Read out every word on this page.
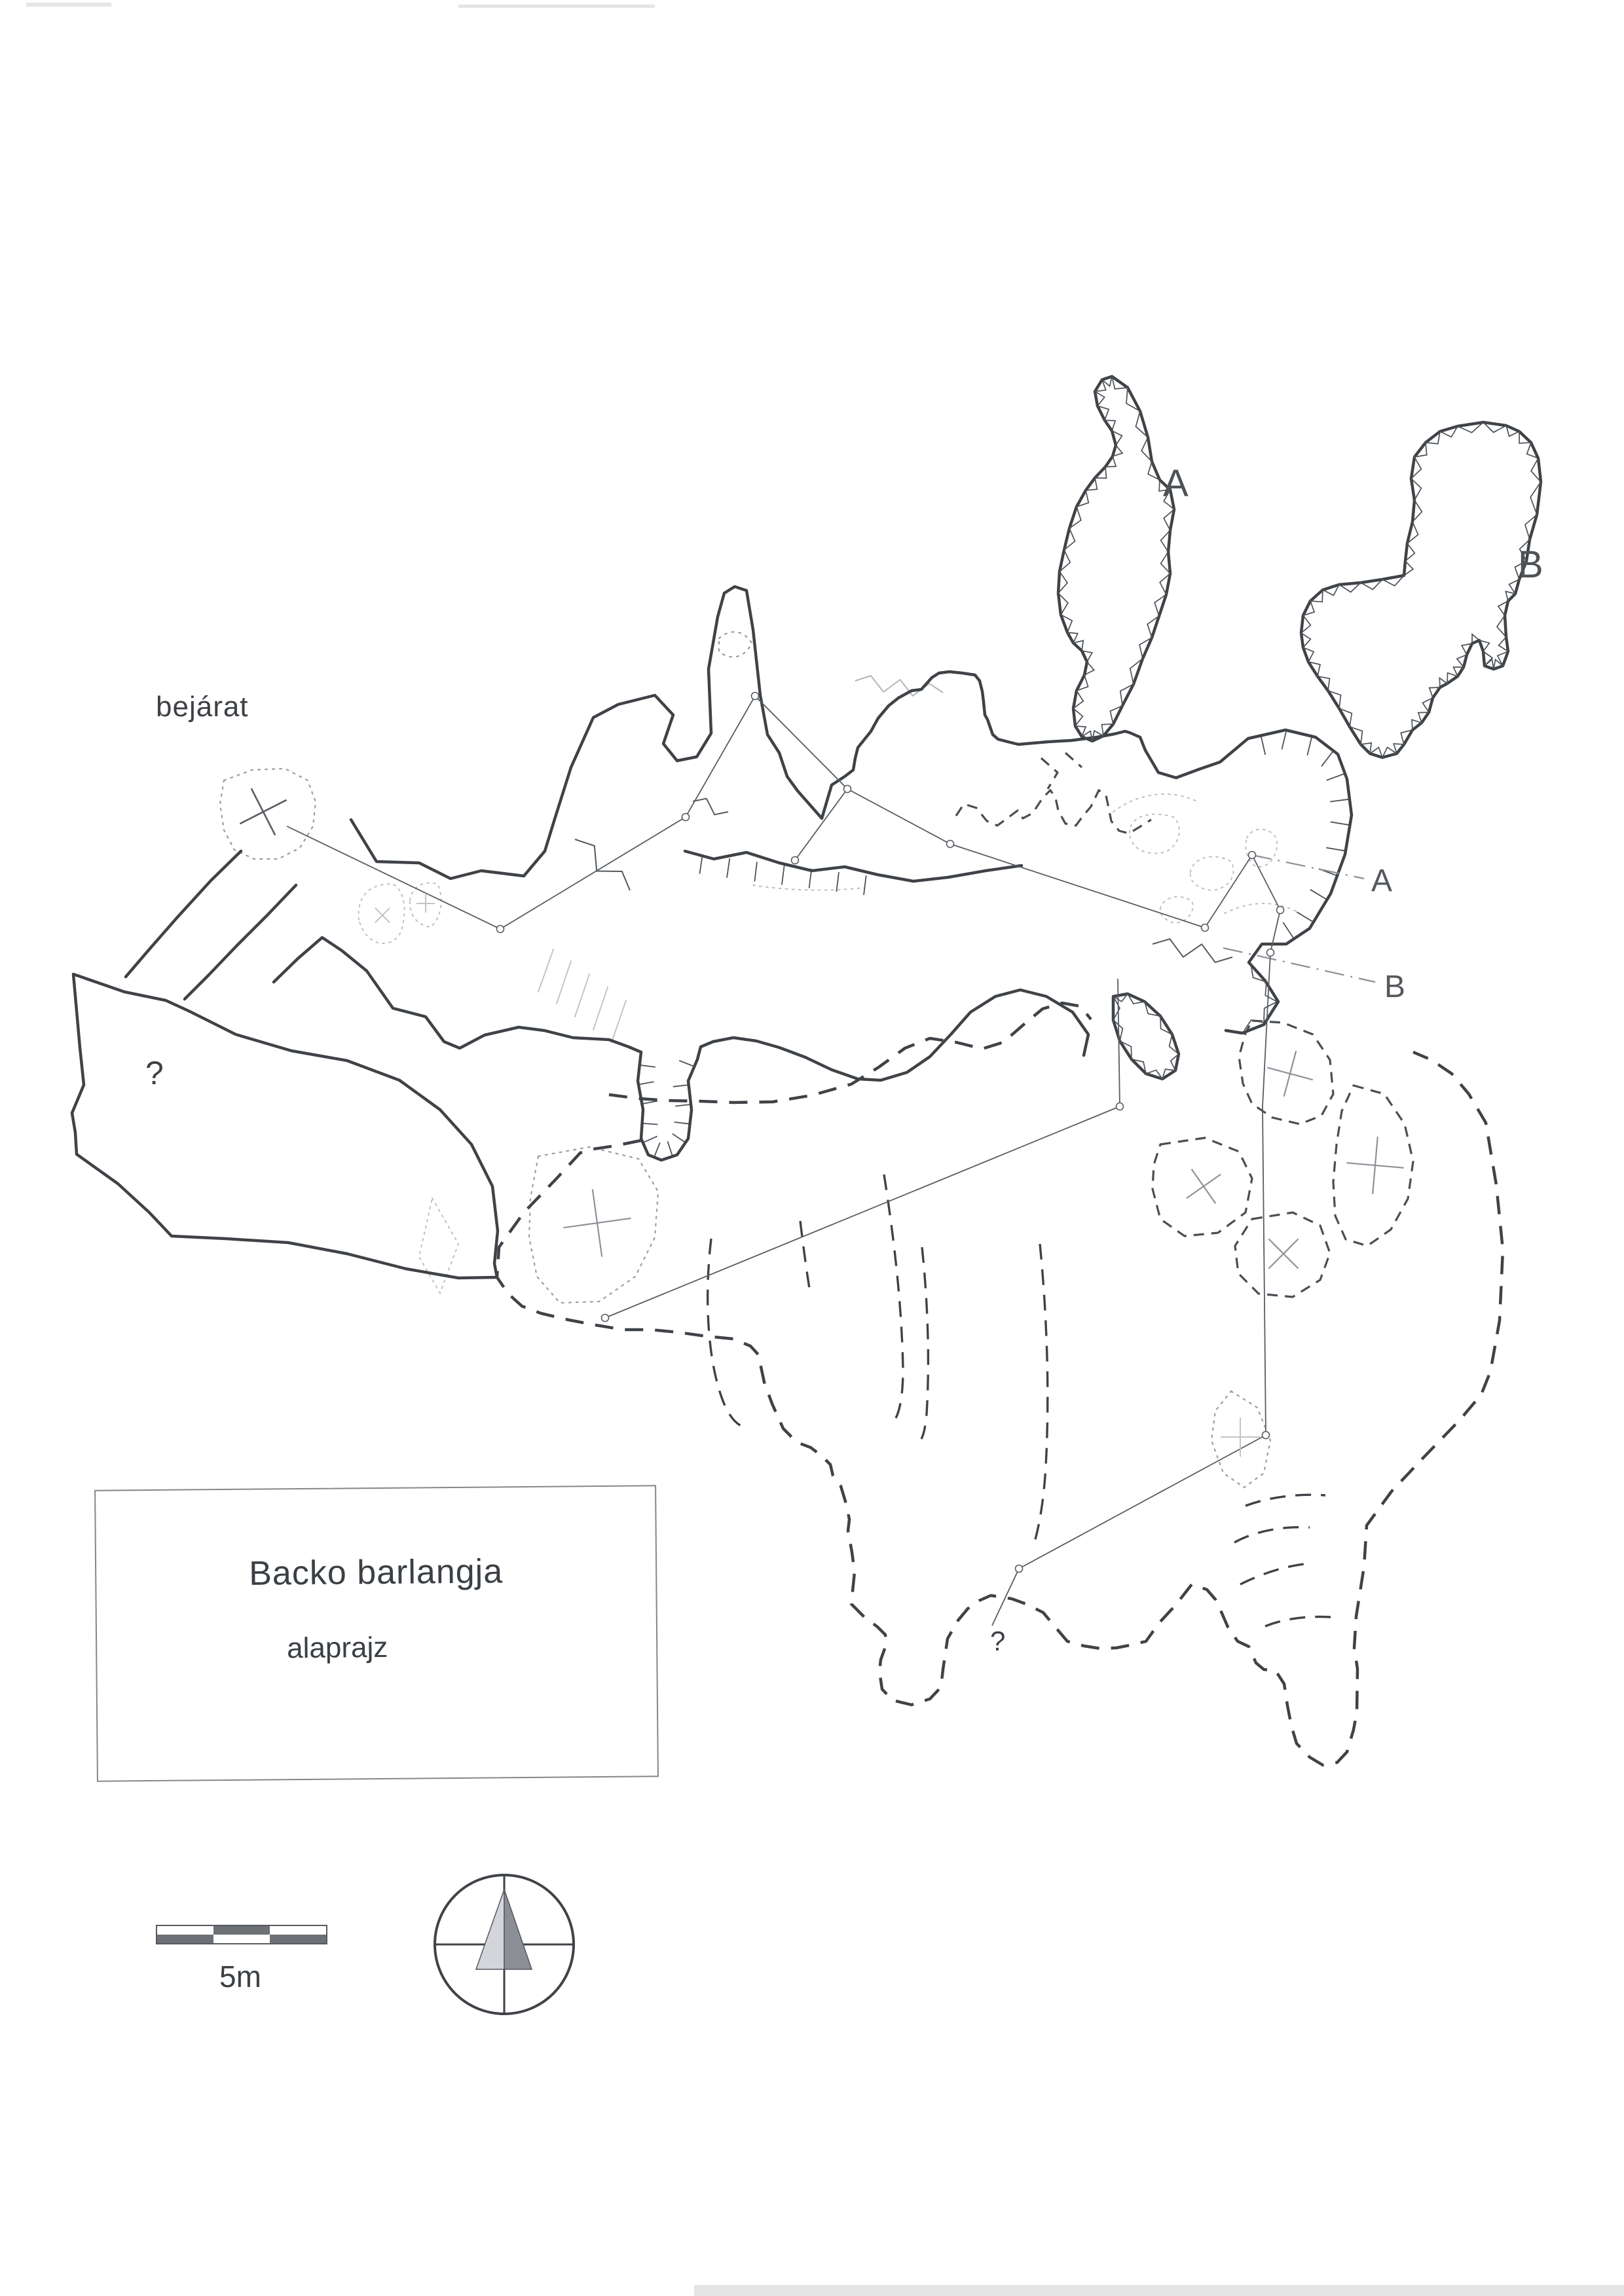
bejárat
A
B
A
B
?
?
Backo barlangja
alaprajz
5m
